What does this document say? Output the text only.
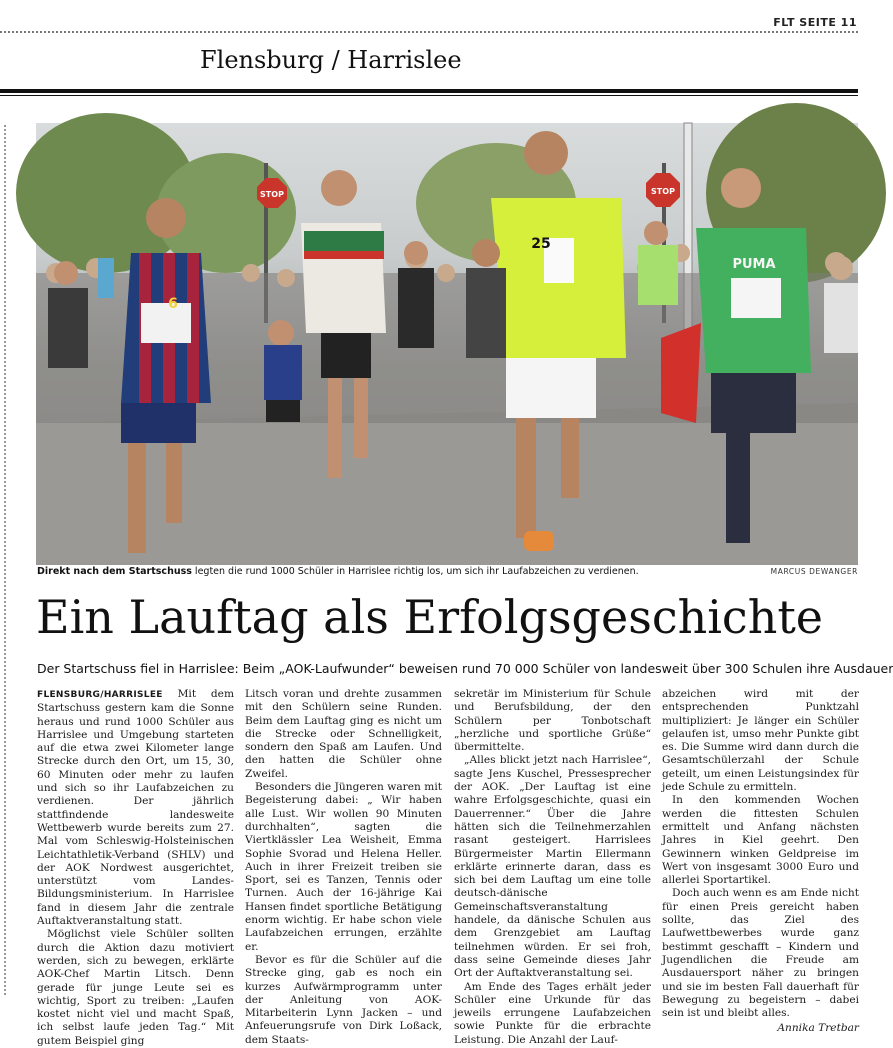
FLT SEITE 11
Flensburg / Harrislee
STOP	STOP
6
25
PUMA
Direkt nach dem Startschuss legten die rund 1000 Schüler in Harrislee richtig los, um sich ihr Laufabzeichen zu verdienen.	MARCUS DEWANGER
Ein Lauftag als Erfolgsgeschichte
Der Startschuss fiel in Harrislee: Beim „AOK-Laufwunder“ beweisen rund 70 000 Schüler von landesweit über 300 Schulen ihre Ausdauer

FLENSBURG/HARRISLEE Mit dem Startschuss gestern kam die Sonne heraus und rund 1000 Schüler aus Harrislee und Umgebung starteten auf die etwa zwei Kilometer lange Strecke durch den Ort, um 15, 30, 60 Minuten oder mehr zu laufen und sich so ihr Laufabzeichen zu verdienen. Der jährlich stattfindende landesweite Wettbewerb wurde bereits zum 27. Mal vom Schleswig-Holsteinischen Leichtathletik-Verband (SHLV) und der AOK Nordwest ausgerichtet, unterstützt vom Landes-Bildungsministerium. In Harrislee fand in diesem Jahr die zentrale Auftaktveranstaltung statt.

Möglichst viele Schüler sollten durch die Aktion dazu motiviert werden, sich zu bewegen, erklärte AOK-Chef Martin Litsch. Denn gerade für junge Leute sei es wichtig, Sport zu treiben: „Laufen kostet nicht viel und macht Spaß, ich selbst laufe jeden Tag.“ Mit gutem Beispiel ging

Litsch voran und drehte zusammen mit den Schülern seine Runden. Beim dem Lauftag ging es nicht um die Strecke oder Schnelligkeit, sondern den Spaß am Laufen. Und den hatten die Schüler ohne Zweifel.

Besonders die Jüngeren waren mit Begeisterung dabei: „ Wir haben alle Lust. Wir wollen 90 Minuten durchhalten“, sagten die Viertklässler Lea Weisheit, Emma Sophie Svorad und Helena Heller. Auch in ihrer Freizeit treiben sie Sport, sei es Tanzen, Tennis oder Turnen. Auch der 16-jährige Kai Hansen findet sportliche Betätigung enorm wichtig. Er habe schon viele Laufabzeichen errungen, erzählte er.

Bevor es für die Schüler auf die Strecke ging, gab es noch ein kurzes Aufwärmprogramm unter der Anleitung von AOK-Mitarbeiterin Lynn Jacken – und Anfeuerungsrufe von Dirk Loßack, dem Staats-

sekretär im Ministerium für Schule und Berufsbildung, der den Schülern per Tonbotschaft „herzliche und sportliche Grüße“ übermittelte.

„Alles blickt jetzt nach Harrislee“, sagte Jens Kuschel, Pressesprecher der AOK. „Der Lauftag ist eine wahre Erfolgsgeschichte, quasi ein Dauerrenner.“ Über die Jahre hätten sich die Teilnehmerzahlen rasant gesteigert. Harrislees Bürgermeister Martin Ellermann erklärte erinnerte daran, dass es sich bei dem Lauftag um eine tolle deutsch-dänische Gemeinschaftsveranstaltung handele, da dänische Schulen aus dem Grenzgebiet am Lauftag teilnehmen würden. Er sei froh, dass seine Gemeinde dieses Jahr Ort der Auftaktveranstaltung sei.

Am Ende des Tages erhält jeder Schüler eine Urkunde für das jeweils errungene Laufabzeichen sowie Punkte für die erbrachte Leistung. Die Anzahl der Lauf-

abzeichen wird mit der entsprechenden Punktzahl multipliziert: Je länger ein Schüler gelaufen ist, umso mehr Punkte gibt es. Die Summe wird dann durch die Gesamtschülerzahl der Schule geteilt, um einen Leistungsindex für jede Schule zu ermitteln.

In den kommenden Wochen werden die fittesten Schulen ermittelt und Anfang nächsten Jahres in Kiel geehrt. Den Gewinnern winken Geldpreise im Wert von insgesamt 3000 Euro und allerlei Sportartikel.

Doch auch wenn es am Ende nicht für einen Preis gereicht haben sollte, das Ziel des Laufwettbewerbes wurde ganz bestimmt geschafft – Kindern und Jugendlichen die Freude am Ausdauersport näher zu bringen und sie im besten Fall dauerhaft für Bewegung zu begeistern – dabei sein ist und bleibt alles.

Annika Tretbar
